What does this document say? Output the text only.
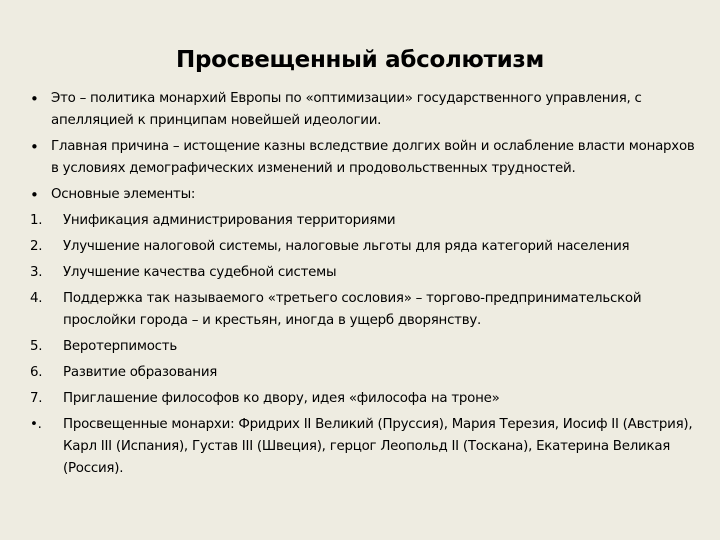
Просвещенный абсолютизм
• Это – политика монархий Европы по «оптимизации» государственного управления, с апелляцией к принципам новейшей идеологии.
• Главная причина – истощение казны вследствие долгих войн и ослабление власти монархов в условиях демографических изменений и продовольственных трудностей.
• Основные элементы:
1. Унификация администрирования территориями
2. Улучшение налоговой системы, налоговые льготы для ряда категорий населения
3. Улучшение качества судебной системы
4. Поддержка так называемого «третьего сословия» – торгово-предпринимательской прослойки города – и крестьян, иногда в ущерб дворянству.
5. Веротерпимость
6. Развитие образования
7. Приглашение философов ко двору, идея «философа на троне»
•. Просвещенные монархи: Фридрих II Великий (Пруссия), Мария Терезия, Иосиф II (Австрия), Карл III (Испания), Густав III (Швеция), герцог Леопольд II (Тоскана), Екатерина Великая (Россия).
